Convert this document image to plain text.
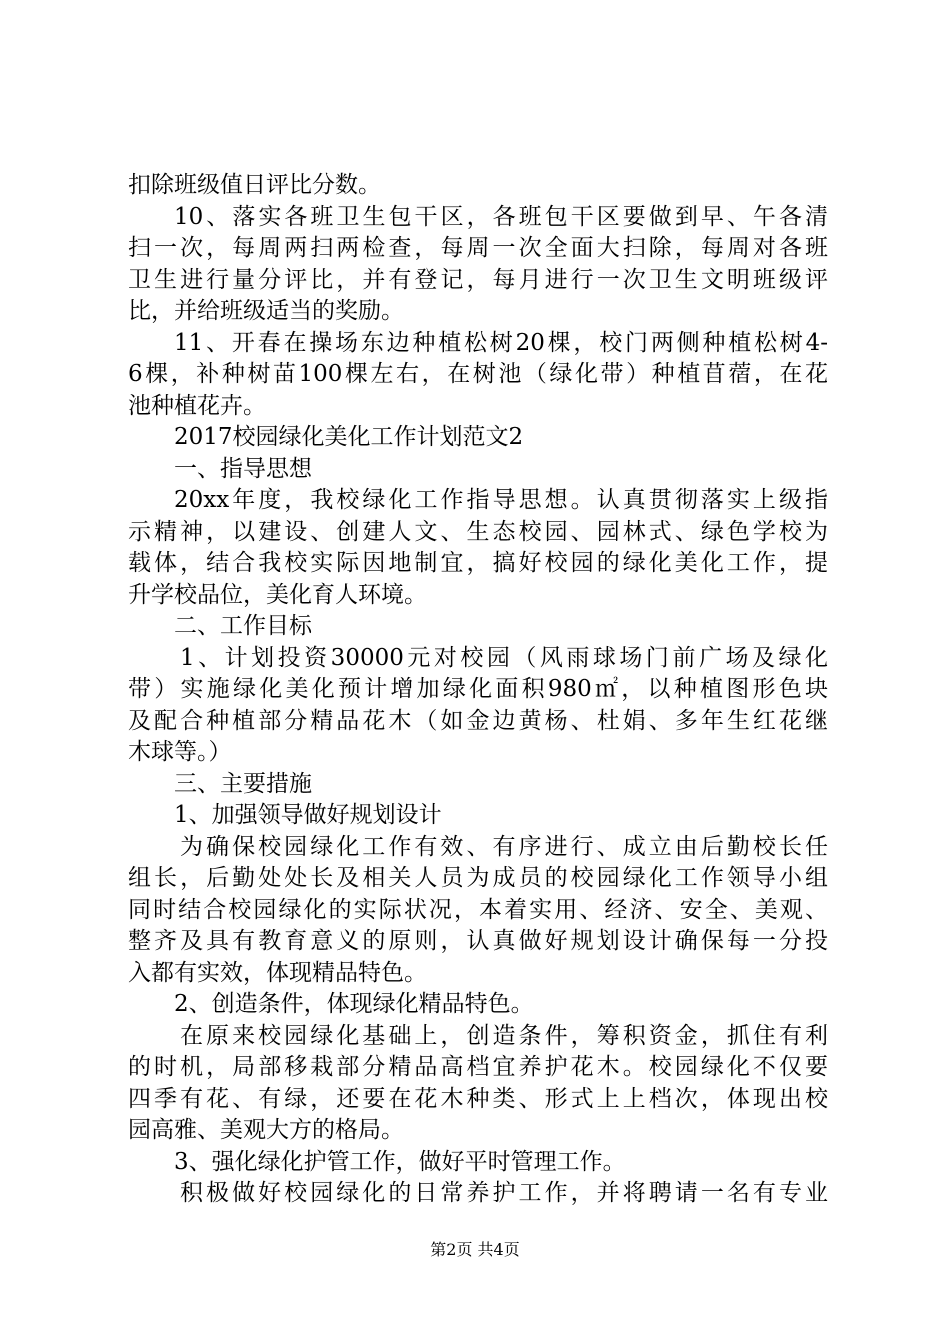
扣除班级值日评比分数。
10、落实各班卫生包干区，各班包干区要做到早、午各清
扫一次，每周两扫两检查，每周一次全面大扫除，每周对各班
卫生进行量分评比，并有登记，每月进行一次卫生文明班级评
比，并给班级适当的奖励。
11、开春在操场东边种植松树20棵，校门两侧种植松树4-
6棵，补种树苗100棵左右，在树池（绿化带）种植苜蓿，在花
池种植花卉。
2017校园绿化美化工作计划范文2
一、指导思想
20xx年度，我校绿化工作指导思想。认真贯彻落实上级指
示精神，以建设、创建人文、生态校园、园林式、绿色学校为
载体，结合我校实际因地制宜，搞好校园的绿化美化工作，提
升学校品位，美化育人环境。
二、工作目标
1、计划投资30000元对校园（风雨球场门前广场及绿化
带）实施绿化美化预计增加绿化面积980㎡，以种植图形色块
及配合种植部分精品花木（如金边黄杨、杜娟、多年生红花继
木球等。）
三、主要措施
1、加强领导做好规划设计
为确保校园绿化工作有效、有序进行、成立由后勤校长任
组长，后勤处处长及相关人员为成员的校园绿化工作领导小组
同时结合校园绿化的实际状况，本着实用、经济、安全、美观、
整齐及具有教育意义的原则，认真做好规划设计确保每一分投
入都有实效，体现精品特色。
2、创造条件，体现绿化精品特色。
在原来校园绿化基础上，创造条件，筹积资金，抓住有利
的时机，局部移栽部分精品高档宜养护花木。校园绿化不仅要
四季有花、有绿，还要在花木种类、形式上上档次，体现出校
园高雅、美观大方的格局。
3、强化绿化护管工作，做好平时管理工作。
积极做好校园绿化的日常养护工作，并将聘请一名有专业
第2页 共4页
